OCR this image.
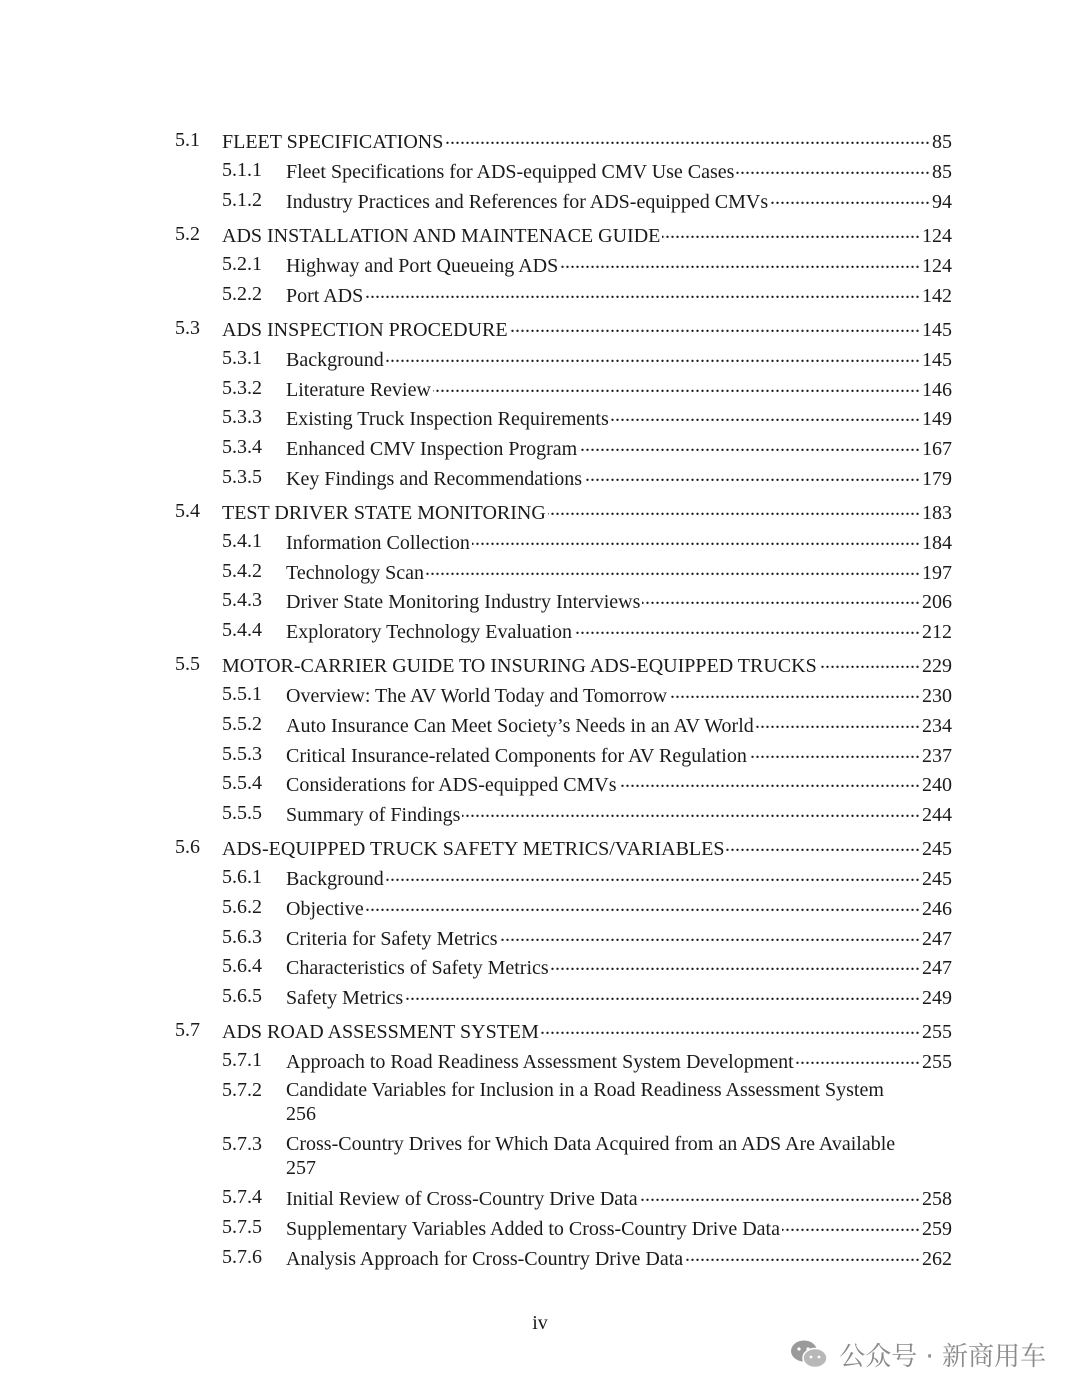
5.1 FLEET SPECIFICATIONS .....	85
5.1.1 Fleet Specifications for ADS-equipped CMV Use Cases .....	85
5.1.2 Industry Practices and References for ADS-equipped CMVs .....	94
5.2 ADS INSTALLATION AND MAINTENACE GUIDE .....	124
5.2.1 Highway and Port Queueing ADS .....	124
5.2.2 Port ADS .....	142
5.3 ADS INSPECTION PROCEDURE .....	145
5.3.1 Background .....	145
5.3.2 Literature Review .....	146
5.3.3 Existing Truck Inspection Requirements .....	149
5.3.4 Enhanced CMV Inspection Program .....	167
5.3.5 Key Findings and Recommendations .....	179
5.4 TEST DRIVER STATE MONITORING .....	183
5.4.1 Information Collection .....	184
5.4.2 Technology Scan .....	197
5.4.3 Driver State Monitoring Industry Interviews .....	206
5.4.4 Exploratory Technology Evaluation .....	212
5.5 MOTOR-CARRIER GUIDE TO INSURING ADS-EQUIPPED TRUCKS .....	229
5.5.1 Overview: The AV World Today and Tomorrow .....	230
5.5.2 Auto Insurance Can Meet Society’s Needs in an AV World .....	234
5.5.3 Critical Insurance-related Components for AV Regulation .....	237
5.5.4 Considerations for ADS-equipped CMVs .....	240
5.5.5 Summary of Findings .....	244
5.6 ADS-EQUIPPED TRUCK SAFETY METRICS/VARIABLES .....	245
5.6.1 Background .....	245
5.6.2 Objective .....	246
5.6.3 Criteria for Safety Metrics .....	247
5.6.4 Characteristics of Safety Metrics .....	247
5.6.5 Safety Metrics .....	249
5.7 ADS ROAD ASSESSMENT SYSTEM .....	255
5.7.1 Approach to Road Readiness Assessment System Development .....	255
5.7.2 Candidate Variables for Inclusion in a Road Readiness Assessment System
256
5.7.3 Cross-Country Drives for Which Data Acquired from an ADS Are Available
257
5.7.4 Initial Review of Cross-Country Drive Data .....	258
5.7.5 Supplementary Variables Added to Cross-Country Drive Data .....	259
5.7.6 Analysis Approach for Cross-Country Drive Data .....	262
iv
公众号 · 新商用车
